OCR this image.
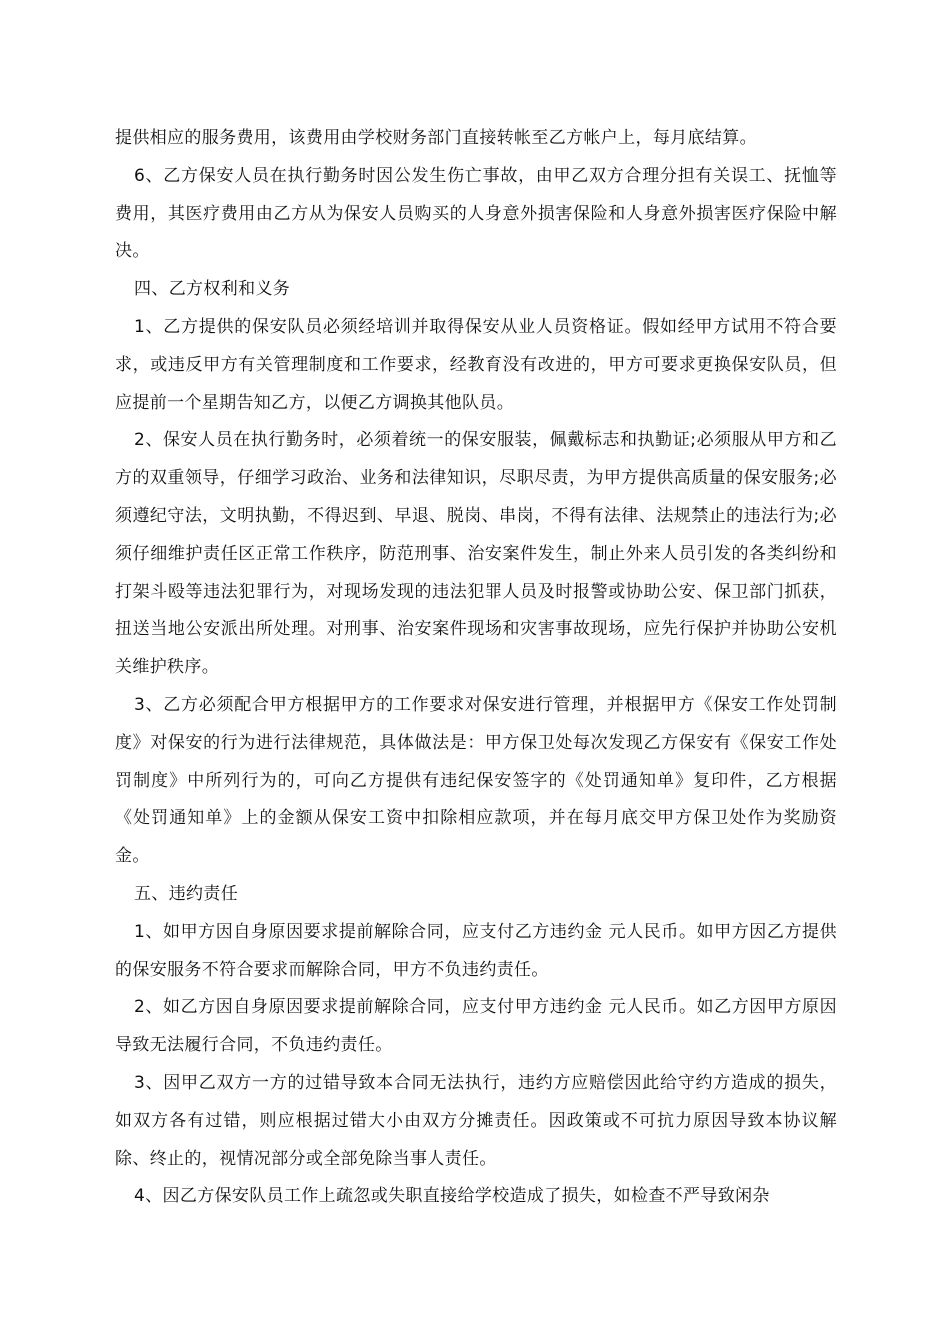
提供相应的服务费用，该费用由学校财务部门直接转帐至乙方帐户上，每月底结算。

6、乙方保安人员在执行勤务时因公发生伤亡事故，由甲乙双方合理分担有关误工、抚恤等费用，其医疗费用由乙方从为保安人员购买的人身意外损害保险和人身意外损害医疗保险中解决。

四、乙方权利和义务

1、乙方提供的保安队员必须经培训并取得保安从业人员资格证。假如经甲方试用不符合要求，或违反甲方有关管理制度和工作要求，经教育没有改进的，甲方可要求更换保安队员，但应提前一个星期告知乙方，以便乙方调换其他队员。

2、保安人员在执行勤务时，必须着统一的保安服装，佩戴标志和执勤证;必须服从甲方和乙方的双重领导，仔细学习政治、业务和法律知识，尽职尽责，为甲方提供高质量的保安服务;必须遵纪守法，文明执勤，不得迟到、早退、脱岗、串岗，不得有法律、法规禁止的违法行为;必须仔细维护责任区正常工作秩序，防范刑事、治安案件发生，制止外来人员引发的各类纠纷和打架斗殴等违法犯罪行为，对现场发现的违法犯罪人员及时报警或协助公安、保卫部门抓获，扭送当地公安派出所处理。对刑事、治安案件现场和灾害事故现场，应先行保护并协助公安机关维护秩序。

3、乙方必须配合甲方根据甲方的工作要求对保安进行管理，并根据甲方《保安工作处罚制度》对保安的行为进行法律规范，具体做法是：甲方保卫处每次发现乙方保安有《保安工作处罚制度》中所列行为的，可向乙方提供有违纪保安签字的《处罚通知单》复印件，乙方根据《处罚通知单》上的金额从保安工资中扣除相应款项，并在每月底交甲方保卫处作为奖励资金。

五、违约责任

1、如甲方因自身原因要求提前解除合同，应支付乙方违约金 元人民币。如甲方因乙方提供的保安服务不符合要求而解除合同，甲方不负违约责任。

2、如乙方因自身原因要求提前解除合同，应支付甲方违约金 元人民币。如乙方因甲方原因导致无法履行合同，不负违约责任。

3、因甲乙双方一方的过错导致本合同无法执行，违约方应赔偿因此给守约方造成的损失，如双方各有过错，则应根据过错大小由双方分摊责任。因政策或不可抗力原因导致本协议解除、终止的，视情况部分或全部免除当事人责任。

4、因乙方保安队员工作上疏忽或失职直接给学校造成了损失，如检查不严导致闲杂
